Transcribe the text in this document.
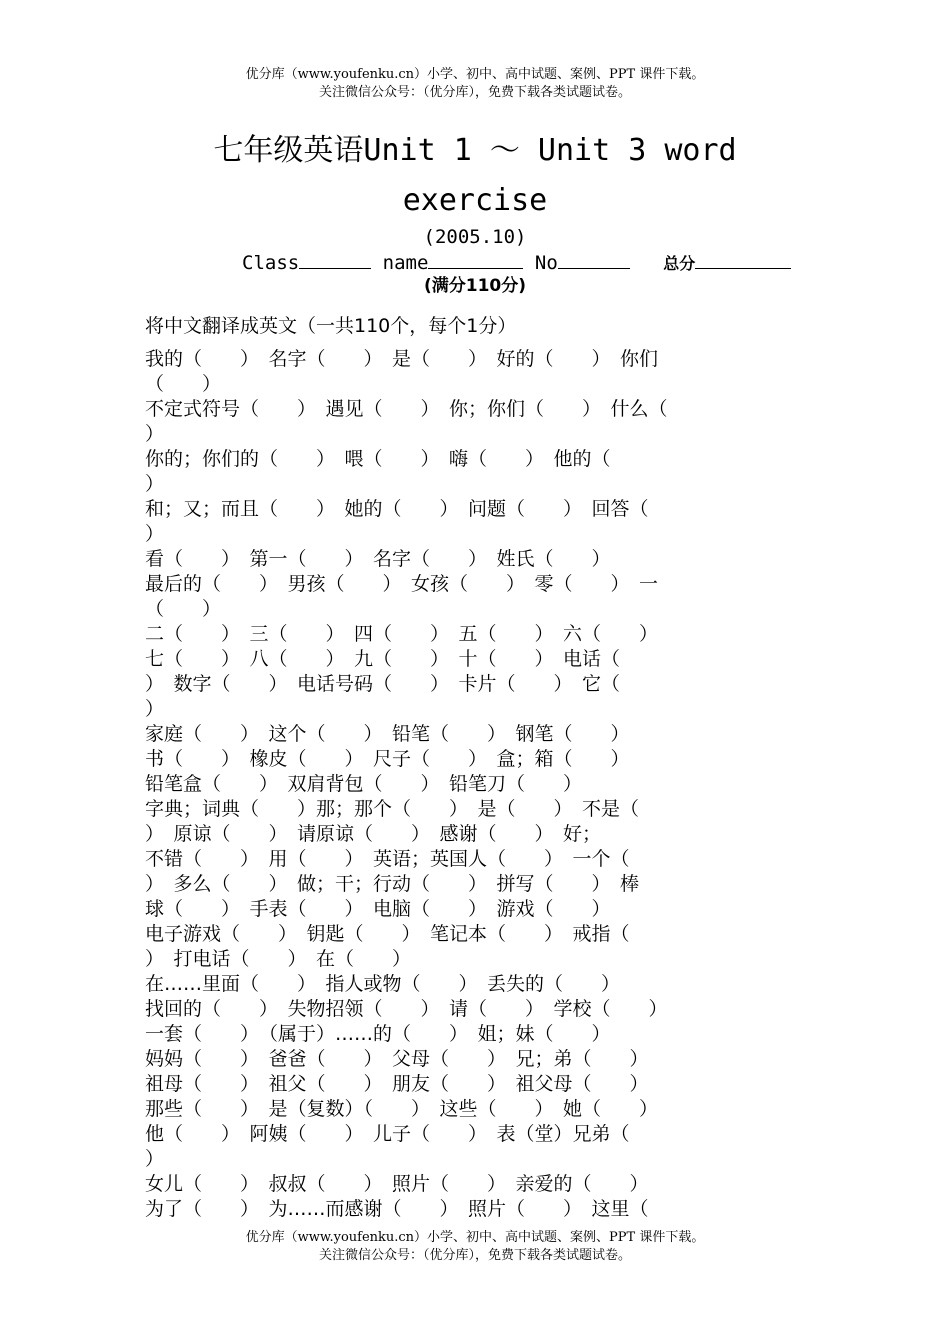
优分库（www.youfenku.cn）小学、初中、高中试题、案例、PPT 课件下载。
关注微信公众号：（优分库），免费下载各类试题试卷。
七年级英语Unit 1 ～ Unit 3 word
exercise
(2005.10)
Class	name	No	总分
(满分110分)
将中文翻译成英文（一共110个，每个1分）
我的（　　）　名字（　　）　是（　　）　好的（　　）　你们
（　　）
不定式符号（　　）　遇见（　　）　你；你们（　　）　什么（
）
你的；你们的（　　）　喂（　　）　嗨（　　）　他的（
）
和；又；而且（　　）　她的（　　）　问题（　　）　回答（
）
看（　　）　第一（　　）　名字（　　）　姓氏（　　）
最后的（　　）　男孩（　　）　女孩（　　）　零（　　）　一
（　　）
二（　　）　三（　　）　四（　　）　五（　　）　六（　　）
七（　　）　八（　　）　九（　　）　十（　　）　电话（
）　数字（　　）　电话号码（　　）　卡片（　　）　它（
）
家庭（　　）　这个（　　）　铅笔（　　）　钢笔（　　）
书（　　）　橡皮（　　）　尺子（　　）　盒；箱（　　）
铅笔盒（　　）　双肩背包（　　）　铅笔刀（　　）
字典；词典（　　）那；那个（　　）　是（　　）　不是（
）　原谅（　　）　请原谅（　　）　感谢（　　）　好；
不错（　　）　用（　　）　英语；英国人（　　）　一个（
）　多么（　　）　做；干；行动（　　）　拼写（　　）　棒
球（　　）　手表（　　）　电脑（　　）　游戏（　　）
电子游戏（　　）　钥匙（　　）　笔记本（　　）　戒指（
）　打电话（　　）　在（　　）
在……里面（　　）　指人或物（　　）　丢失的（　　）
找回的（　　）　失物招领（　　）　请（　　）　学校（　　）
一套（　　）　（属于）……的（　　）　姐；妹（　　）
妈妈（　　）　爸爸（　　）　父母（　　）　兄；弟（　　）
祖母（　　）　祖父（　　）　朋友（　　）　祖父母（　　）
那些（　　）　是（复数）（　　）　这些（　　）　她（　　）
他（　　）　阿姨（　　）　儿子（　　）　表（堂）兄弟（
）
女儿（　　）　叔叔（　　）　照片（　　）　亲爱的（　　）
为了（　　）　为……而感谢（　　）　照片（　　）　这里（
优分库（www.youfenku.cn）小学、初中、高中试题、案例、PPT 课件下载。
关注微信公众号：（优分库），免费下载各类试题试卷。
